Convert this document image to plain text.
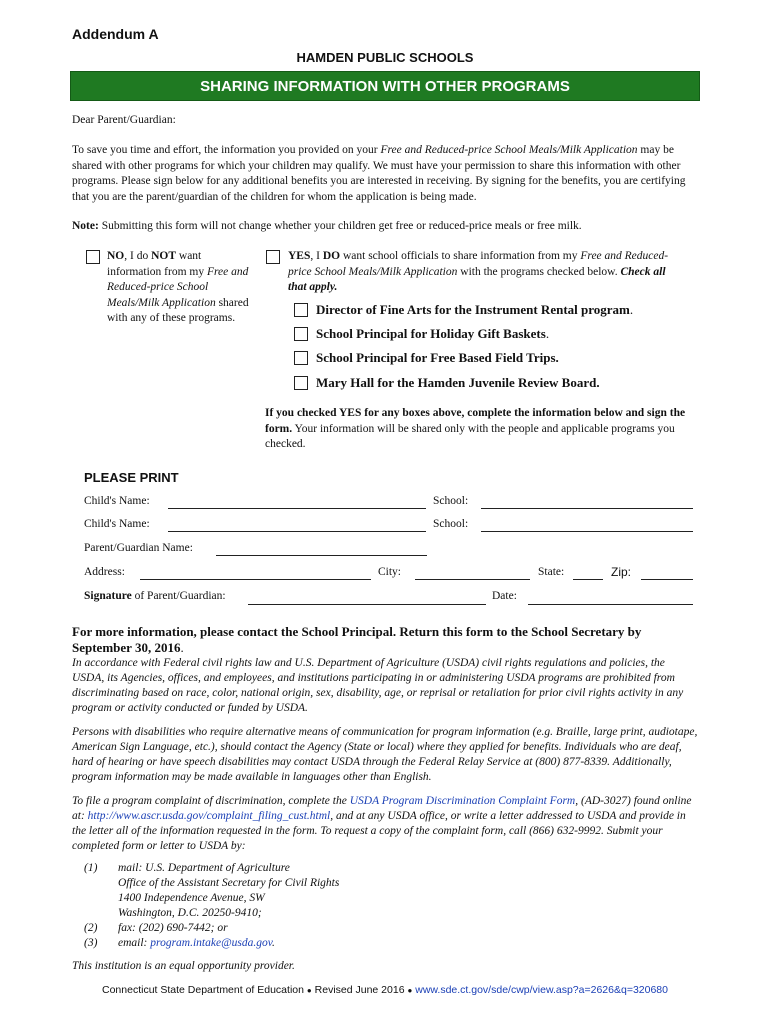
Addendum A
HAMDEN PUBLIC SCHOOLS
SHARING INFORMATION WITH OTHER PROGRAMS
Dear Parent/Guardian:
To save you time and effort, the information you provided on your Free and Reduced-price School Meals/Milk Application may be shared with other programs for which your children may qualify. We must have your permission to share this information with other programs. Please sign below for any additional benefits you are interested in receiving. By signing for the benefits, you are certifying that you are the parent/guardian of the children for whom the application is being made.
Note: Submitting this form will not change whether your children get free or reduced-price meals or free milk.
NO, I do NOT want information from my Free and Reduced-price School Meals/Milk Application shared with any of these programs.
YES, I DO want school officials to share information from my Free and Reduced-price School Meals/Milk Application with the programs checked below. Check all that apply.
Director of Fine Arts for the Instrument Rental program.
School Principal for Holiday Gift Baskets.
School Principal for Free Based Field Trips.
Mary Hall for the Hamden Juvenile Review Board.
If you checked YES for any boxes above, complete the information below and sign the form. Your information will be shared only with the people and applicable programs you checked.
PLEASE PRINT
Child's Name:	School:
Child's Name:	School:
Parent/Guardian Name:
Address:	City:	State:	Zip:
Signature of Parent/Guardian:	Date:
For more information, please contact the School Principal. Return this form to the School Secretary by September 30, 2016.
In accordance with Federal civil rights law and U.S. Department of Agriculture (USDA) civil rights regulations and policies, the USDA, its Agencies, offices, and employees, and institutions participating in or administering USDA programs are prohibited from discriminating based on race, color, national origin, sex, disability, age, or reprisal or retaliation for prior civil rights activity in any program or activity conducted or funded by USDA.
Persons with disabilities who require alternative means of communication for program information (e.g. Braille, large print, audiotape, American Sign Language, etc.), should contact the Agency (State or local) where they applied for benefits. Individuals who are deaf, hard of hearing or have speech disabilities may contact USDA through the Federal Relay Service at (800) 877-8339. Additionally, program information may be made available in languages other than English.
To file a program complaint of discrimination, complete the USDA Program Discrimination Complaint Form, (AD-3027) found online at: http://www.ascr.usda.gov/complaint_filing_cust.html, and at any USDA office, or write a letter addressed to USDA and provide in the letter all of the information requested in the form. To request a copy of the complaint form, call (866) 632-9992. Submit your completed form or letter to USDA by:
(1) mail: U.S. Department of Agriculture
Office of the Assistant Secretary for Civil Rights
1400 Independence Avenue, SW
Washington, D.C. 20250-9410;
(2) fax: (202) 690-7442; or
(3) email: program.intake@usda.gov.
This institution is an equal opportunity provider.
Connecticut State Department of Education ● Revised June 2016 ● www.sde.ct.gov/sde/cwp/view.asp?a=2626&q=320680
